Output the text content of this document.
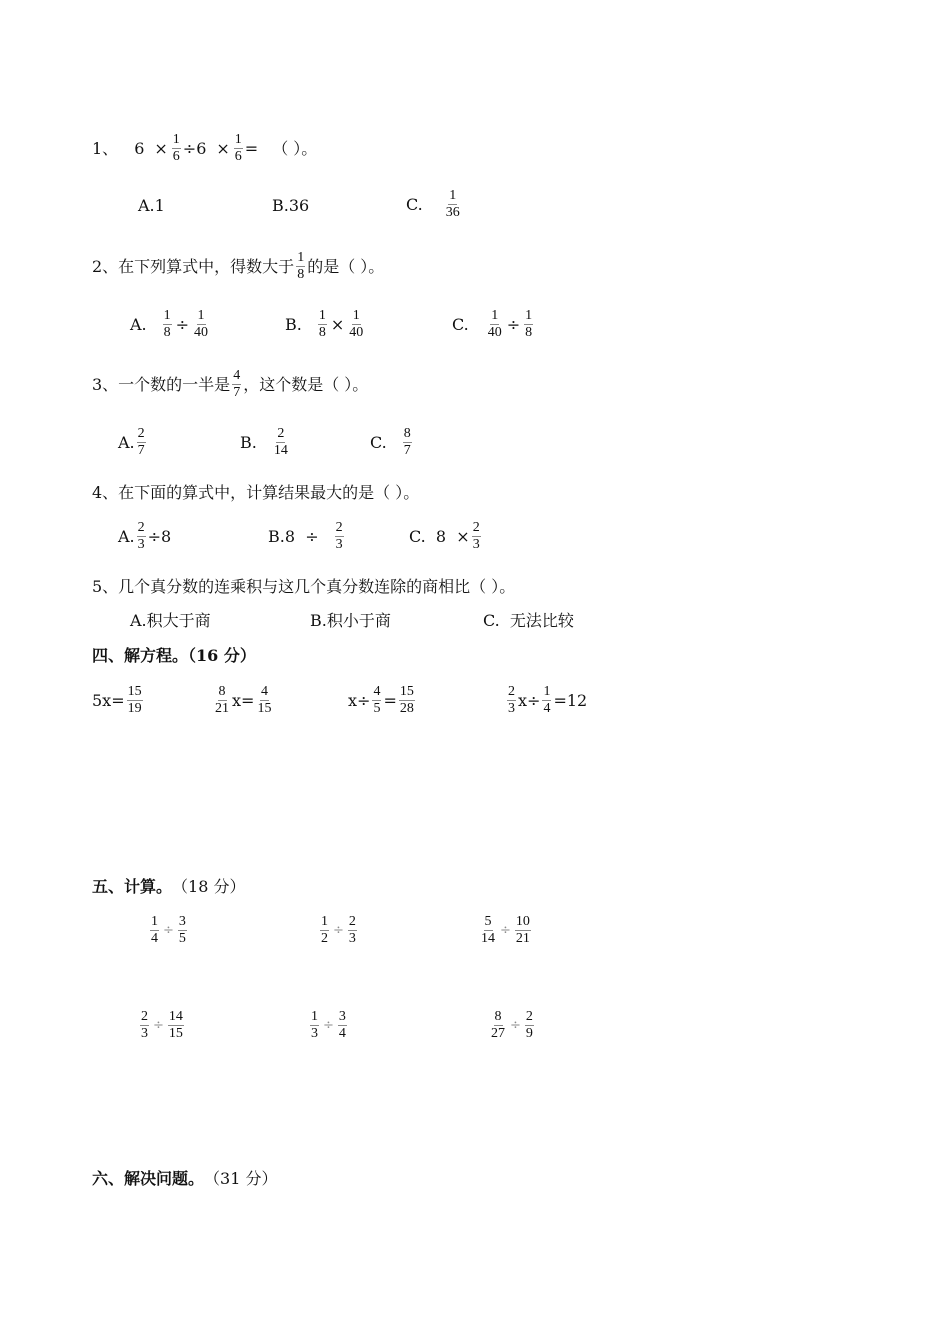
1、 $6 \times \frac{1}{6} \div 6 \times \frac{1}{6}$ = （ ）。
A.1	B.36	C. $\frac{1}{36}$
2、在下列算式中，得数大于 $\frac{1}{8}$ 的是（ ）。
A. $\frac{1}{8} \div \frac{1}{40}$	B. $\frac{1}{8} \times \frac{1}{40}$	C. $\frac{1}{40} \div \frac{1}{8}$
3、一个数的一半是 $\frac{4}{7}$ ，这个数是（ ）。
A. $\frac{2}{7}$	B. $\frac{2}{14}$	C. $\frac{8}{7}$
4、在下面的算式中，计算结果最大的是（ ）。
A. $\frac{2}{3} \div 8$	$B.8 \div \frac{2}{3}$	C.  $8 \times \frac{2}{3}$
5、几个真分数的连乘积与这几个真分数连除的商相比（ ）。
A.积大于商	B.积小于商	C.  无法比较
四、解方程。（16 分）
$5x= \frac{15}{19}$	$\frac{8}{21} x= \frac{4}{15}$	$x\div \frac{4}{5} = \frac{15}{28}$	$\frac{2}{3} x\div \frac{1}{4} =12$
五、计算。 （18 分）
$\frac{1}{4} \div \frac{3}{5}$	$\frac{1}{2} \div \frac{2}{3}$	$\frac{5}{14} \div \frac{10}{21}$
$\frac{2}{3} \div \frac{14}{15}$	$\frac{1}{3} \div \frac{3}{4}$	$\frac{8}{27} \div \frac{2}{9}$
六、解决问题。 （31 分）
